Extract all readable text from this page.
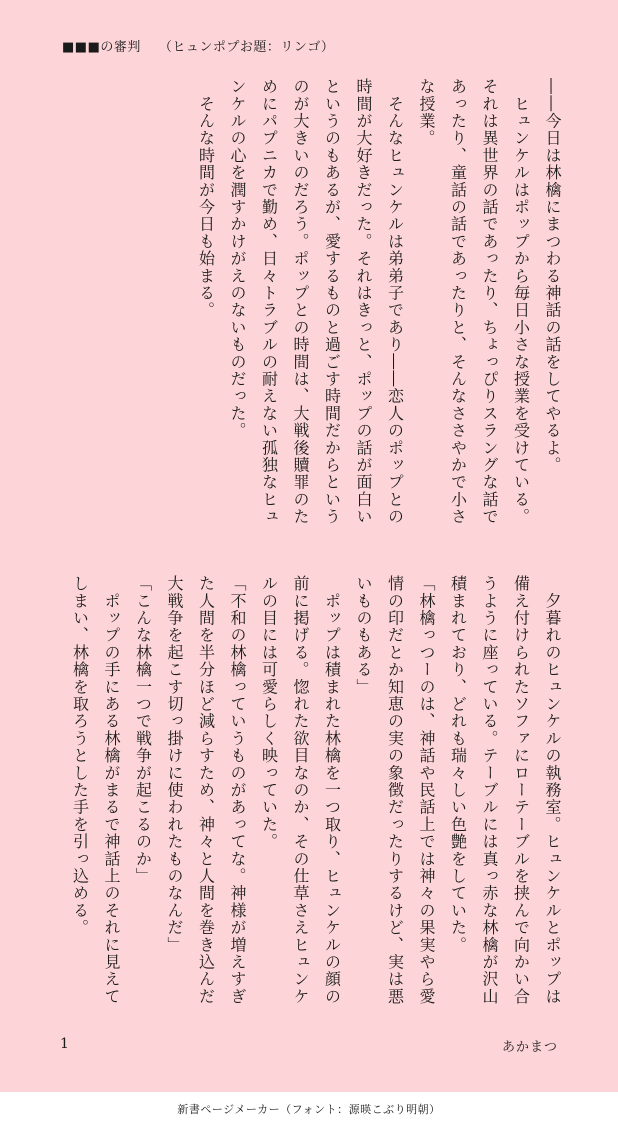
■■■の審判 （ヒュンポプお題：リンゴ）

――今日は林檎にまつわる神話の話をしてやるよ。

　ヒュンケルはポップから毎日小さな授業を受けている。それは異世界の話であったり、ちょっぴりスラングな話であったり、童話の話であったりと、そんなささやかで小さな授業。

　そんなヒュンケルは弟弟子であり――恋人のポップとの時間が大好きだった。それはきっと、ポップの話が面白いというのもあるが、愛するものと過ごす時間だからというのが大きいのだろう。ポップとの時間は、大戦後贖罪のためにパプニカで勤め、日々トラブルの耐えない孤独なヒュンケルの心を潤すかけがえのないものだった。

　そんな時間が今日も始まる。

　夕暮れのヒュンケルの執務室。ヒュンケルとポップは備え付けられたソファにローテーブルを挟んで向かい合うように座っている。テーブルには真っ赤な林檎が沢山積まれており、どれも瑞々しい色艶をしていた。

「林檎っつーのは、神話や民話上では神々の果実やら愛情の印だとか知恵の実の象徴だったりするけど、実は悪いものもある」

　ポップは積まれた林檎を一つ取り、ヒュンケルの顔の前に掲げる。惚れた欲目なのか、その仕草さえヒュンケルの目には可愛らしく映っていた。

「不和の林檎っていうものがあってな。神様が増えすぎた人間を半分ほど減らすため、神々と人間を巻き込んだ大戦争を起こす切っ掛けに使われたものなんだ」

「こんな林檎一つで戦争が起こるのか」

　ポップの手にある林檎がまるで神話上のそれに見えてしまい、林檎を取ろうとした手を引っ込める。

1	あかまつ
新書ページメーカー（フォント：源暎こぶり明朝）
